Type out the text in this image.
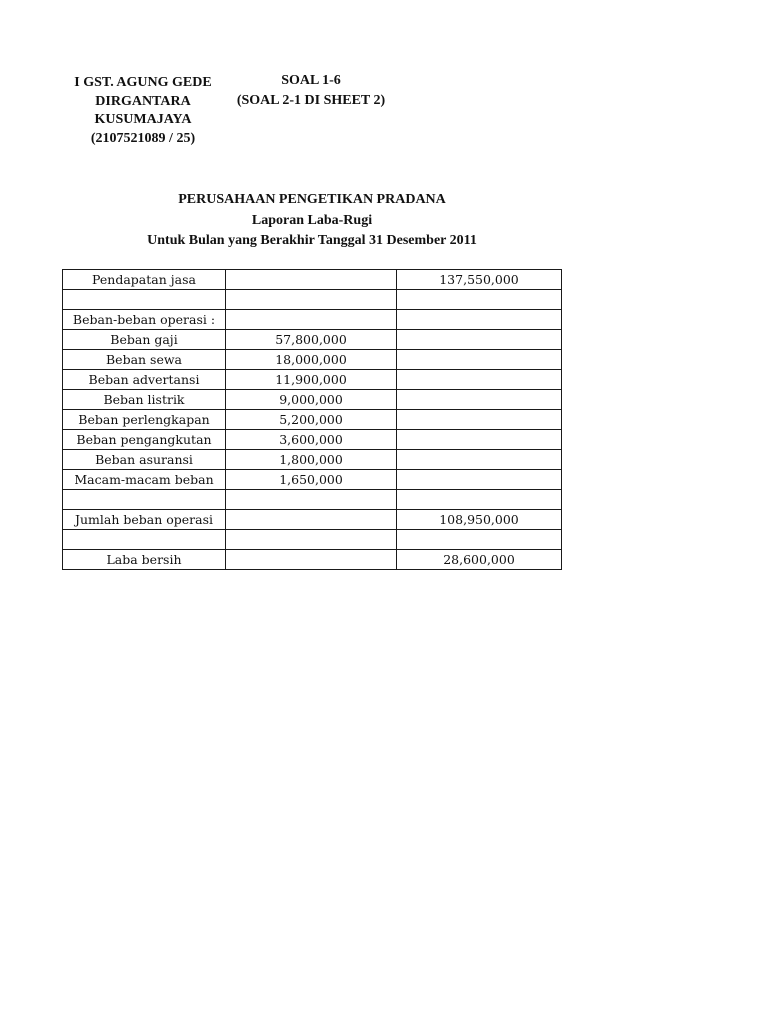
I GST. AGUNG GEDE
DIRGANTARA
KUSUMAJAYA
(2107521089 / 25)
SOAL 1-6
(SOAL 2-1 DI SHEET 2)
PERUSAHAAN PENGETIKAN PRADANA
Laporan Laba-Rugi
Untuk Bulan yang Berakhir Tanggal 31 Desember 2011
Pendapatan jasa		137,550,000

Beban-beban operasi :		
Beban gaji	57,800,000	
Beban sewa	18,000,000	
Beban advertansi	11,900,000	
Beban listrik	9,000,000	
Beban perlengkapan	5,200,000	
Beban pengangkutan	3,600,000	
Beban asuransi	1,800,000	
Macam-macam beban	1,650,000	

Jumlah beban operasi		108,950,000

Laba bersih		28,600,000
